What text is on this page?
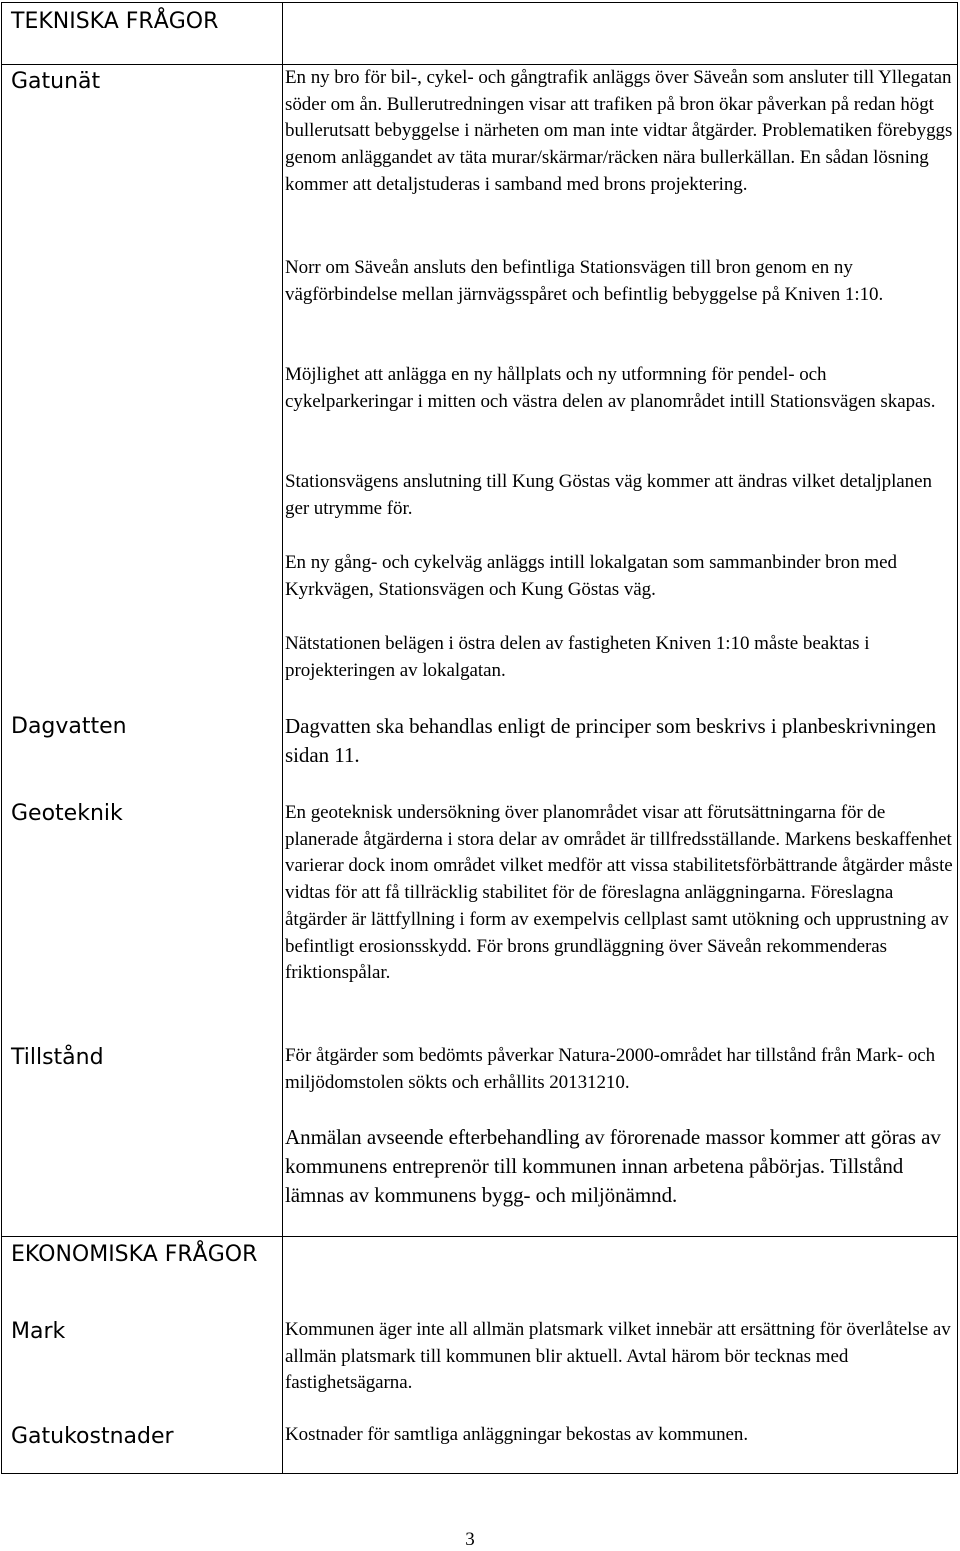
TEKNISKA FRÅGOR
Gatunät
Dagvatten
Geoteknik
Tillstånd
EKONOMISKA FRÅGOR
Mark
Gatukostnader

En ny bro för bil-, cykel- och gångtrafik anläggs över Säveån som ansluter till Yllegatan söder om ån. Bullerutredningen visar att trafiken på bron ökar påverkan på redan högt bullerutsatt bebyggelse i närheten om man inte vidtar åtgärder. Problematiken förebyggs genom anläggandet av täta murar/skärmar/räcken nära bullerkällan. En sådan lösning kommer att detaljstuderas i samband med brons projektering.

Norr om Säveån ansluts den befintliga Stationsvägen till bron genom en ny vägförbindelse mellan järnvägsspåret och befintlig bebyggelse på Kniven 1:10.

Möjlighet att anlägga en ny hållplats och ny utformning för pendel- och cykelparkeringar i mitten och västra delen av planområdet intill Stationsvägen skapas.

Stationsvägens anslutning till Kung Göstas väg kommer att ändras vilket detaljplanen ger utrymme för.

En ny gång- och cykelväg anläggs intill lokalgatan som sammanbinder bron med Kyrkvägen, Stationsvägen och Kung Göstas väg.

Nätstationen belägen i östra delen av fastigheten Kniven 1:10 måste beaktas i projekteringen av lokalgatan.

Dagvatten ska behandlas enligt de principer som beskrivs i planbeskrivningen sidan 11.

En geoteknisk undersökning över planområdet visar att förutsättningarna för de planerade åtgärderna i stora delar av området är tillfredsställande. Markens beskaffenhet varierar dock inom området vilket medför att vissa stabilitetsförbättrande åtgärder måste vidtas för att få tillräcklig stabilitet för de föreslagna anläggningarna. Föreslagna åtgärder är lättfyllning i form av exempelvis cellplast samt utökning och upprustning av befintligt erosionsskydd. För brons grundläggning över Säveån rekommenderas friktionspålar.

För åtgärder som bedömts påverkar Natura-2000-området har tillstånd från Mark- och miljödomstolen sökts och erhållits 20131210.

Anmälan avseende efterbehandling av förorenade massor kommer att göras av kommunens entreprenör till kommunen innan arbetena påbörjas. Tillstånd lämnas av kommunens bygg- och miljönämnd.

Kommunen äger inte all allmän platsmark vilket innebär att ersättning för överlåtelse av allmän platsmark till kommunen blir aktuell. Avtal härom bör tecknas med fastighetsägarna.

Kostnader för samtliga anläggningar bekostas av kommunen.

3
